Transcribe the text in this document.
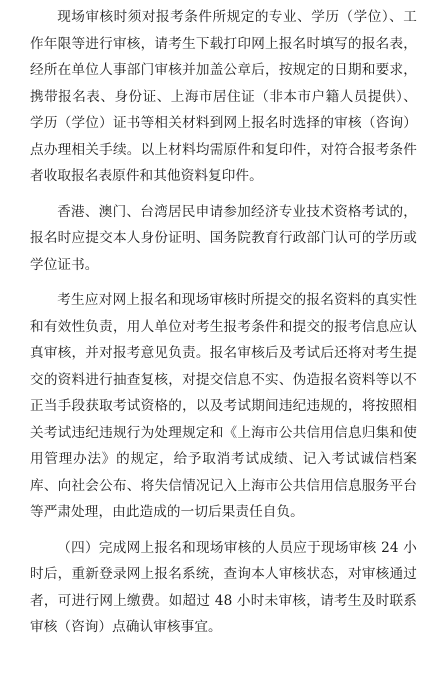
现场审核时须对报考条件所规定的专业、学历（学位）、工作年限等进行审核，请考生下载打印网上报名时填写的报名表，经所在单位人事部门审核并加盖公章后，按规定的日期和要求，携带报名表、身份证、上海市居住证（非本市户籍人员提供）、学历（学位）证书等相关材料到网上报名时选择的审核（咨询）点办理相关手续。以上材料均需原件和复印件，对符合报考条件者收取报名表原件和其他资料复印件。

香港、澳门、台湾居民申请参加经济专业技术资格考试的，报名时应提交本人身份证明、国务院教育行政部门认可的学历或学位证书。

考生应对网上报名和现场审核时所提交的报名资料的真实性和有效性负责，用人单位对考生报考条件和提交的报考信息应认真审核，并对报考意见负责。报名审核后及考试后还将对考生提交的资料进行抽查复核，对提交信息不实、伪造报名资料等以不正当手段获取考试资格的，以及考试期间违纪违规的，将按照相关考试违纪违规行为处理规定和《上海市公共信用信息归集和使用管理办法》的规定，给予取消考试成绩、记入考试诚信档案库、向社会公布、将失信情况记入上海市公共信用信息服务平台等严肃处理，由此造成的一切后果责任自负。

（四）完成网上报名和现场审核的人员应于现场审核 24 小时后，重新登录网上报名系统，查询本人审核状态，对审核通过者，可进行网上缴费。如超过 48 小时未审核，请考生及时联系审核（咨询）点确认审核事宜。
